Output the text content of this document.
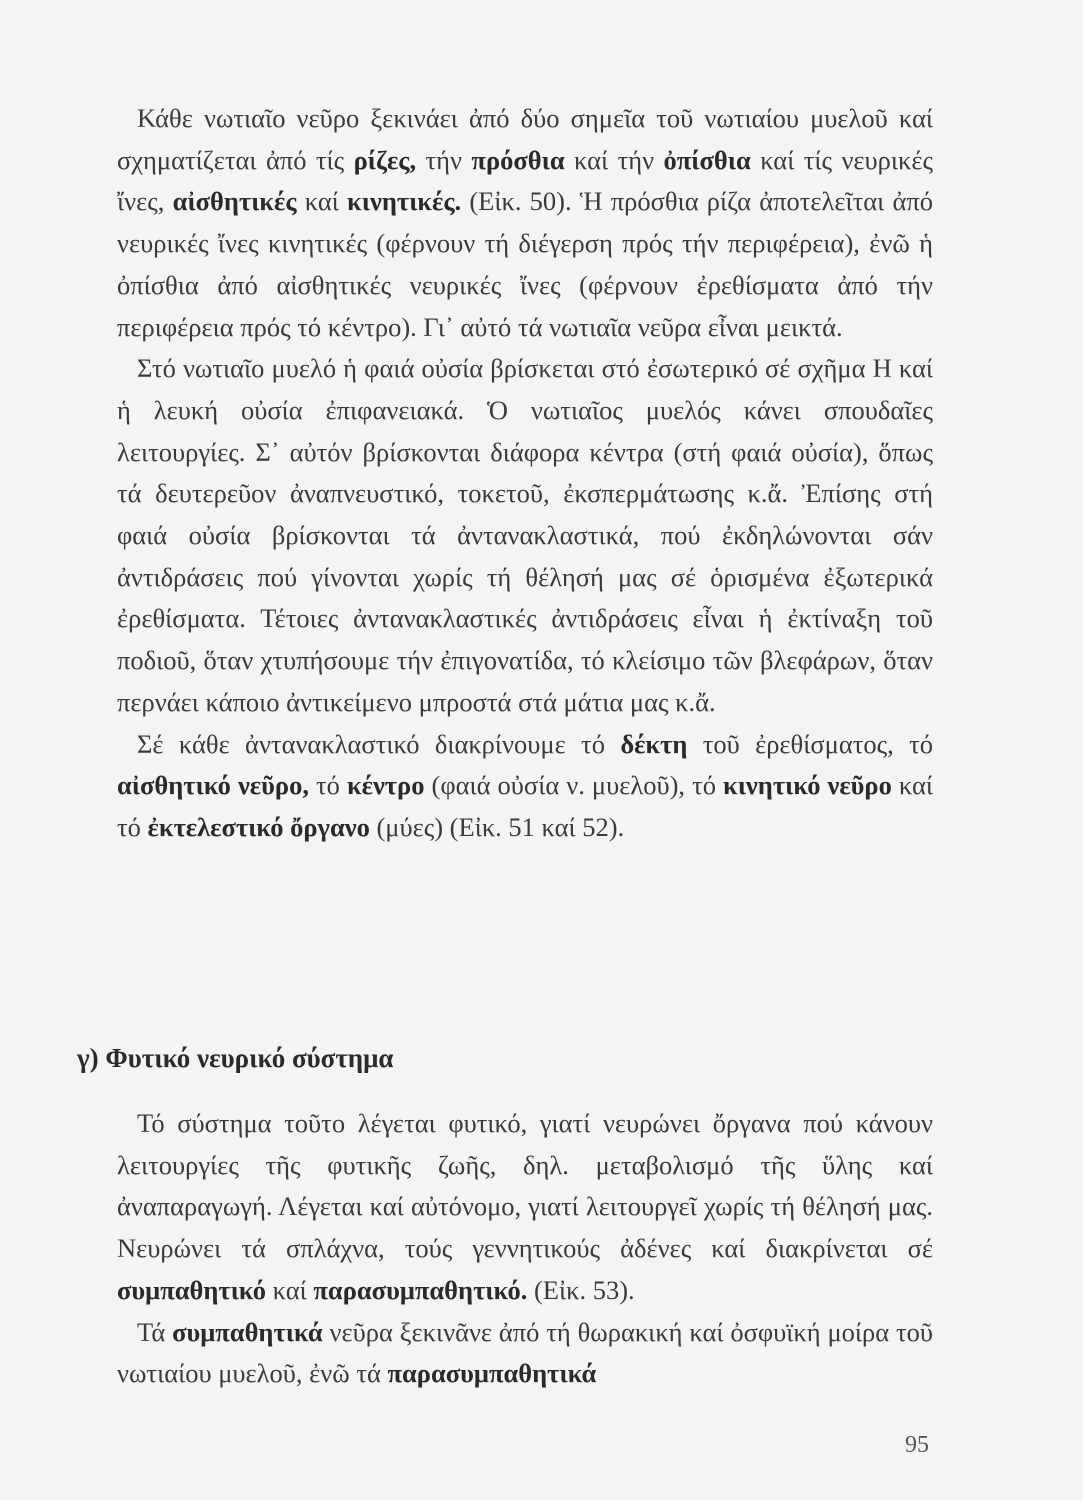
Κάθε νωτιαῖο νεῦρο ξεκινάει ἀπό δύο σημεῖα τοῦ νωτιαίου μυελοῦ καί σχηματίζεται ἀπό τίς ρίζες, τήν πρόσθια καί τήν ὀπίσθια καί τίς νευρικές ἴνες, αἰσθητικές καί κινητικές. (Εἰκ. 50). Ἡ πρόσθια ρίζα ἀποτελεῖται ἀπό νευρικές ἴνες κινητικές (φέρνουν τή διέγερση πρός τήν περιφέρεια), ἐνῶ ἡ ὀπίσθια ἀπό αἰσθητικές νευρικές ἴνες (φέρνουν ἐρεθίσματα ἀπό τήν περιφέρεια πρός τό κέντρο). Γι᾽ αὐτό τά νωτιαῖα νεῦρα εἶναι μεικτά.

Στό νωτιαῖο μυελό ἡ φαιά οὐσία βρίσκεται στό ἐσωτερικό σέ σχῆμα Η καί ἡ λευκή οὐσία ἐπιφανειακά. Ὁ νωτιαῖος μυελός κάνει σπουδαῖες λειτουργίες. Σ᾽ αὐτόν βρίσκονται διάφορα κέντρα (στή φαιά οὐσία), ὅπως τά δευτερεῦον ἀναπνευστικό, τοκετοῦ, ἐκσπερμάτωσης κ.ἄ. Ἐπίσης στή φαιά οὐσία βρίσκονται τά ἀντανακλαστικά, πού ἐκδηλώνονται σάν ἀντιδράσεις πού γίνονται χωρίς τή θέλησή μας σέ ὁρισμένα ἐξωτερικά ἐρεθίσματα. Τέτοιες ἀντανακλαστικές ἀντιδράσεις εἶναι ἡ ἐκτίναξη τοῦ ποδιοῦ, ὅταν χτυπήσουμε τήν ἐπιγονατίδα, τό κλείσιμο τῶν βλεφάρων, ὅταν περνάει κάποιο ἀντικείμενο μπροστά στά μάτια μας κ.ἄ.

Σέ κάθε ἀντανακλαστικό διακρίνουμε τό δέκτη τοῦ ἐρεθίσματος, τό αἰσθητικό νεῦρο, τό κέντρο (φαιά οὐσία ν. μυελοῦ), τό κινητικό νεῦρο καί τό ἐκτελεστικό ὄργανο (μύες) (Εἰκ. 51 καί 52).

γ) Φυτικό νευρικό σύστημα

Τό σύστημα τοῦτο λέγεται φυτικό, γιατί νευρώνει ὄργανα πού κάνουν λειτουργίες τῆς φυτικῆς ζωῆς, δηλ. μεταβολισμό τῆς ὕλης καί ἀναπαραγωγή. Λέγεται καί αὐτόνομο, γιατί λειτουργεῖ χωρίς τή θέλησή μας. Νευρώνει τά σπλάχνα, τούς γεννητικούς ἀδένες καί διακρίνεται σέ συμπαθητικό καί παρασυμπαθητικό. (Εἰκ. 53).

Τά συμπαθητικά νεῦρα ξεκινᾶνε ἀπό τή θωρακική καί ὀσφυϊκή μοίρα τοῦ νωτιαίου μυελοῦ, ἐνῶ τά παρασυμπαθητικά

95
